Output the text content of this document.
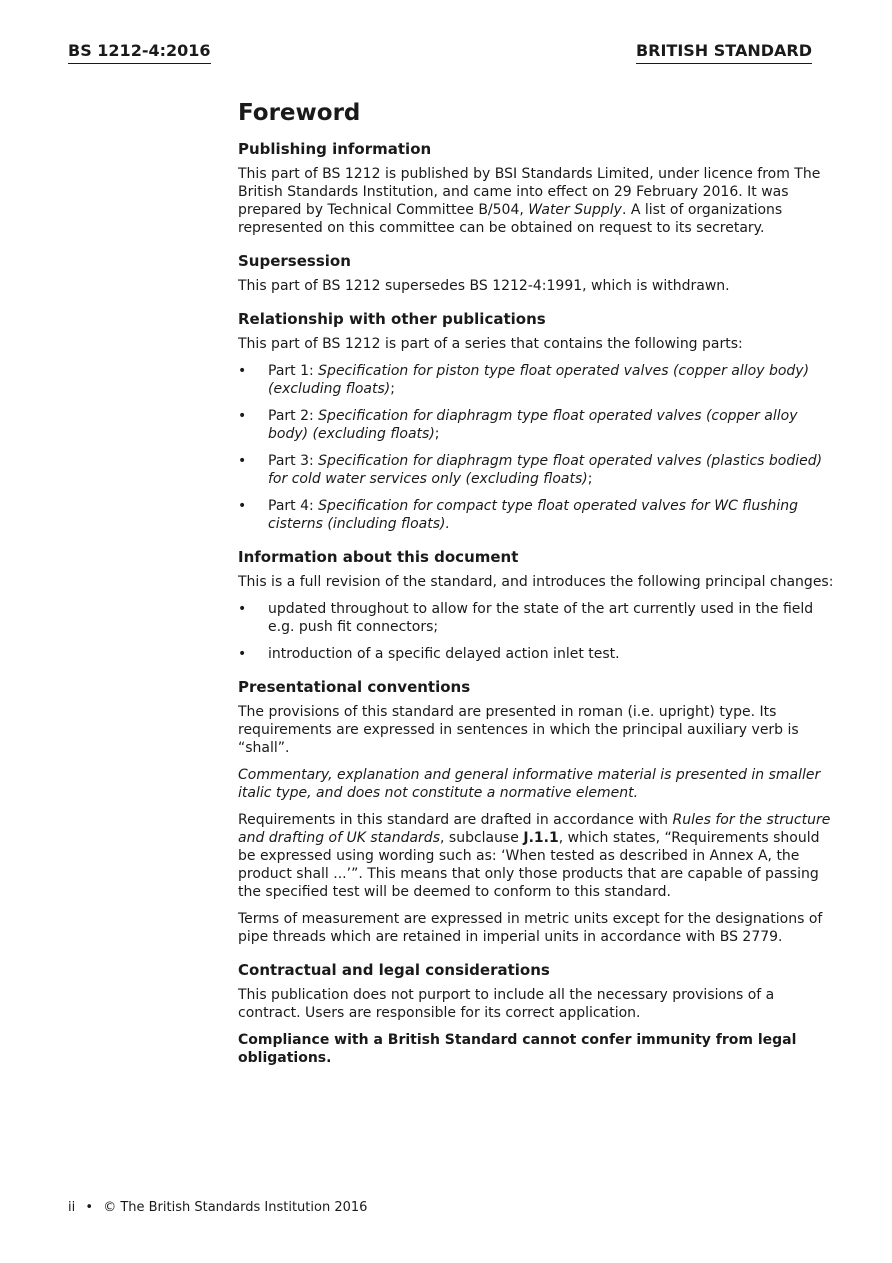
BS 1212-4:2016	BRITISH STANDARD
Foreword
Publishing information
This part of BS 1212 is published by BSI Standards Limited, under licence from The British Standards Institution, and came into effect on 29 February 2016. It was prepared by Technical Committee B/504, Water Supply. A list of organizations represented on this committee can be obtained on request to its secretary.
Supersession
This part of BS 1212 supersedes BS 1212-4:1991, which is withdrawn.
Relationship with other publications
This part of BS 1212 is part of a series that contains the following parts:
• Part 1: Specification for piston type float operated valves (copper alloy body) (excluding floats);
• Part 2: Specification for diaphragm type float operated valves (copper alloy body) (excluding floats);
• Part 3: Specification for diaphragm type float operated valves (plastics bodied) for cold water services only (excluding floats);
• Part 4: Specification for compact type float operated valves for WC flushing cisterns (including floats).
Information about this document
This is a full revision of the standard, and introduces the following principal changes:
• updated throughout to allow for the state of the art currently used in the field e.g. push fit connectors;
• introduction of a specific delayed action inlet test.
Presentational conventions
The provisions of this standard are presented in roman (i.e. upright) type. Its requirements are expressed in sentences in which the principal auxiliary verb is “shall”.
Commentary, explanation and general informative material is presented in smaller italic type, and does not constitute a normative element.
Requirements in this standard are drafted in accordance with Rules for the structure and drafting of UK standards, subclause J.1.1, which states, “Requirements should be expressed using wording such as: ‘When tested as described in Annex A, the product shall ...’”. This means that only those products that are capable of passing the specified test will be deemed to conform to this standard.
Terms of measurement are expressed in metric units except for the designations of pipe threads which are retained in imperial units in accordance with BS 2779.
Contractual and legal considerations
This publication does not purport to include all the necessary provisions of a contract. Users are responsible for its correct application.
Compliance with a British Standard cannot confer immunity from legal obligations.
ii • © The British Standards Institution 2016
